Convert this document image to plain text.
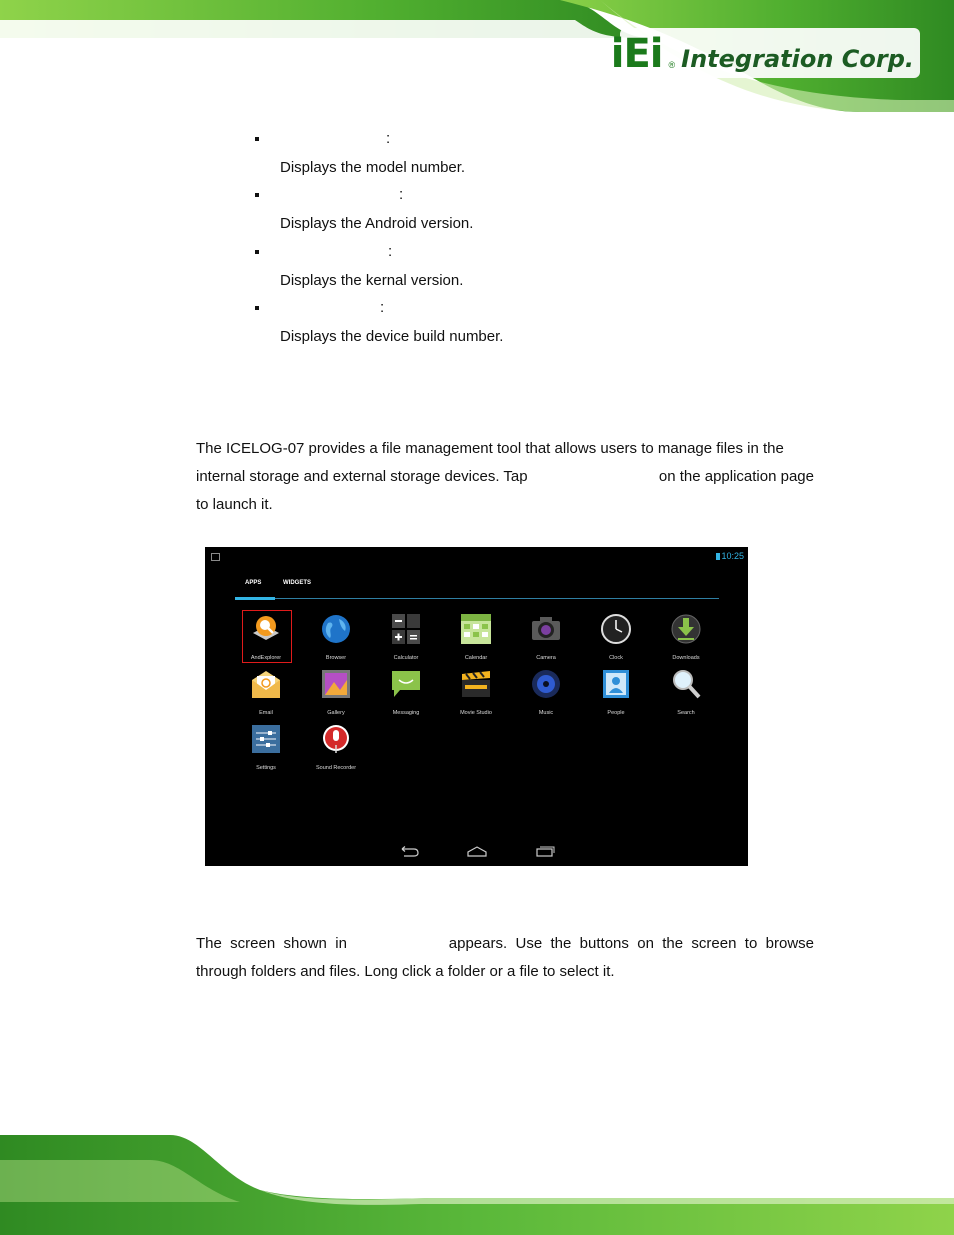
iEi ® Integration Corp.
:
Displays the model number.
:
Displays the Android version.
:
Displays the kernal version.
:
Displays the device build number.
The ICELOG-07 provides a file management tool that allows users to manage files in the
internal storage and external storage devices. Tap	on the application page
to launch it.
10:25
APPS	WIDGETS
AndExplorer	Browser	Calculator	Calendar	Camera	Clock	Downloads
Email	Gallery	Messaging	Movie Studio	Music	People	Search
Settings	Sound Recorder
The  screen  shown  in	appears.  Use  the  buttons  on  the  screen  to  browse
through folders and files. Long click a folder or a file to select it.
